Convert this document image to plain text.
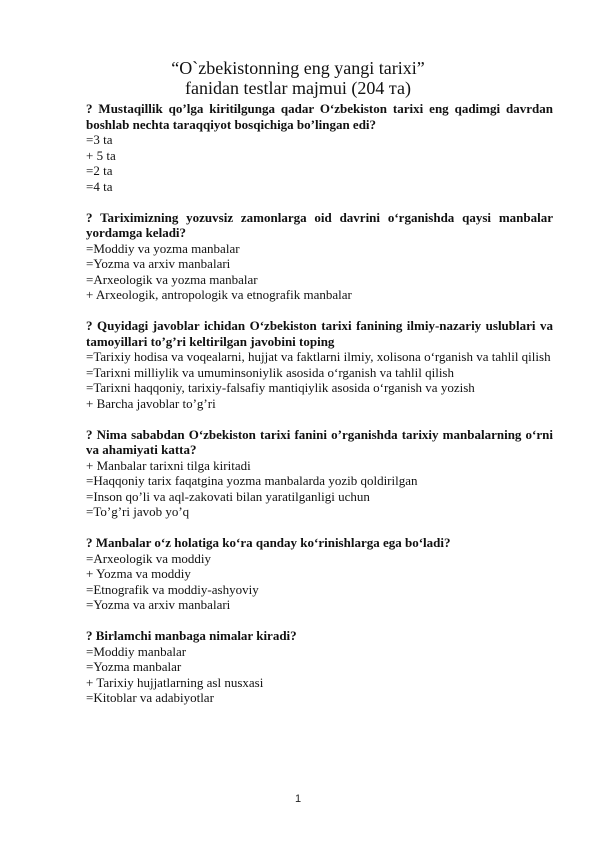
“O`zbekistonning eng yangi tarixi”
fanidan testlar majmui (204 та)
? Mustaqillik qo’lga kiritilgunga qadar O‘zbekiston tarixi eng qadimgi davrdan boshlab nechta taraqqiyot bosqichiga bo’lingan edi?
=3 ta
+ 5 ta
=2 ta
=4 ta
? Tariximizning yozuvsiz zamonlarga oid davrini o‘rganishda qaysi manbalar yordamga keladi?
=Moddiy va yozma manbalar
=Yozma va arxiv manbalari
=Arxeologik va yozma manbalar
+ Arxeologik, antropologik va etnografik manbalar
? Quyidagi javoblar ichidan O‘zbekiston tarixi fanining ilmiy-nazariy uslublari va tamoyillari to’g’ri keltirilgan javobini toping
=Tarixiy hodisa va voqealarni, hujjat va faktlarni ilmiy, xolisona o‘rganish va tahlil qilish
=Tarixni milliylik va umuminsoniylik asosida o‘rganish va tahlil qilish
=Tarixni haqqoniy, tarixiy-falsafiy mantiqiylik asosida o‘rganish va yozish
+ Barcha javoblar to’g’ri
? Nima sababdan O‘zbekiston tarixi fanini o’rganishda tarixiy manbalarning o‘rni va ahamiyati katta?
+ Manbalar tarixni tilga kiritadi
=Haqqoniy tarix faqatgina yozma manbalarda yozib qoldirilgan
=Inson qo’li va aql-zakovati bilan yaratilganligi uchun
=To’g’ri javob yo’q
? Manbalar o‘z holatiga ko‘ra qanday ko‘rinishlarga ega bo‘ladi?
=Arxeologik va moddiy
+ Yozma va moddiy
=Etnografik va moddiy-ashyoviy
=Yozma va arxiv manbalari
? Birlamchi manbaga nimalar kiradi?
=Moddiy manbalar
=Yozma manbalar
+ Tarixiy hujjatlarning asl nusxasi
=Kitoblar va adabiyotlar
1
